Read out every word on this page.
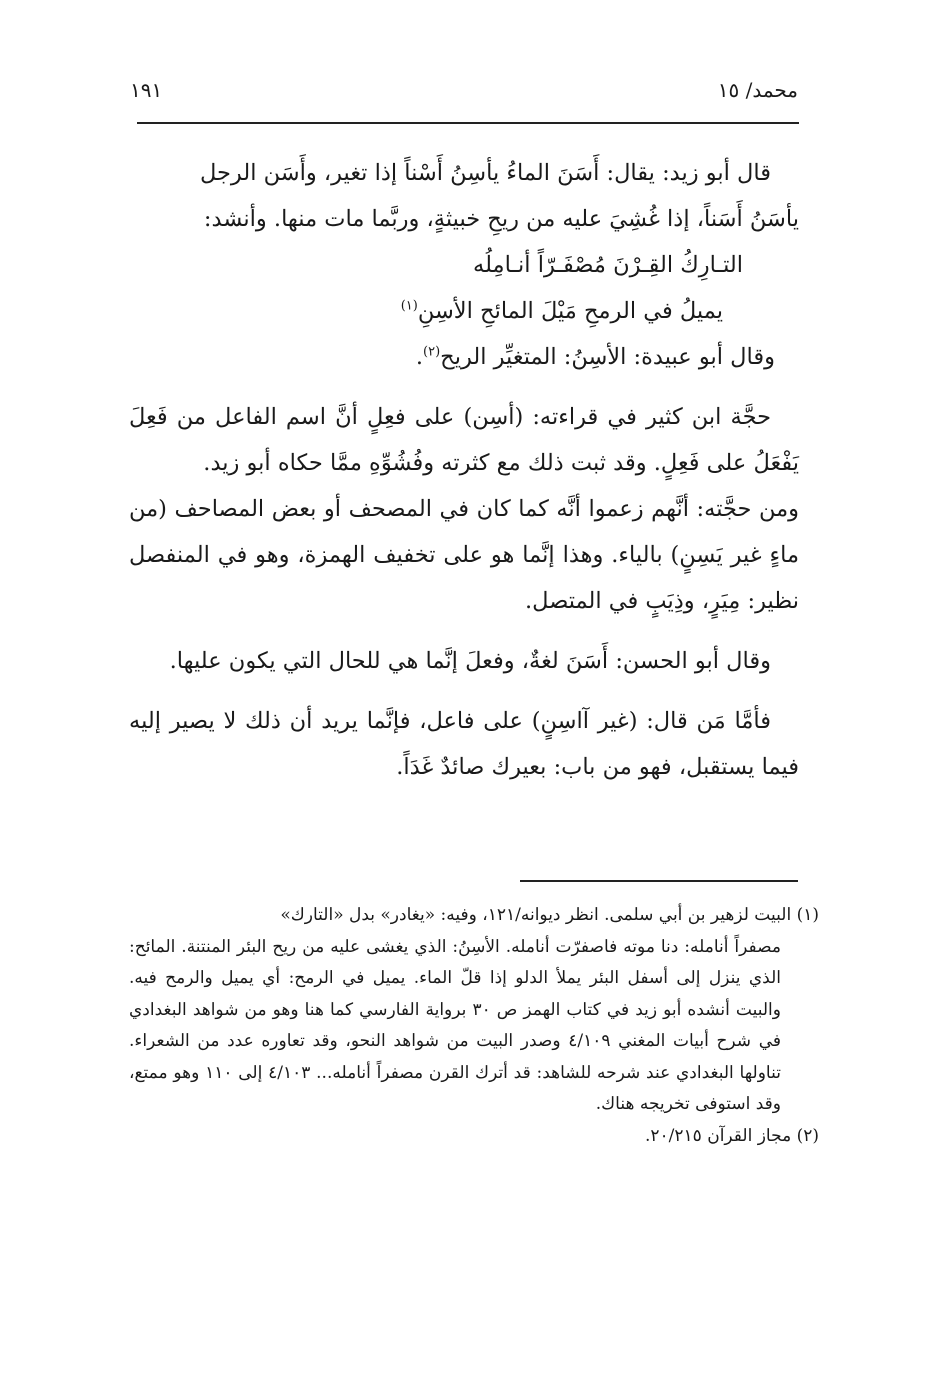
محمد/ ١٥
١٩١

قال أبو زيد: يقال: أَسَنَ الماءُ يأسِنُ أَسْناً إذا تغير، وأَسَن الرجل

يأسَنُ أَسَناً، إذا غُشِيَ عليه من ريحِ خبيثةٍ، وربَّما مات منها. وأنشد:

التـارِكُ القِـرْنَ مُصْفَـرّاً أنـامِلُه

يميلُ في الرمحِ مَيْلَ المائحِ الأسِنِ$^{(١)}$

وقال أبو عبيدة: الأسِنُ: المتغيِّر الريح$^{(٢)}$.

حجَّة ابن كثير في قراءته: (أسِن) على فعِلٍ أنَّ اسم الفاعل من فَعِلَ يَفْعَلُ على فَعِلٍ. وقد ثبت ذلك مع كثرته وفُشُوِّهِ ممَّا حكاه أبو زيد.

ومن حجَّته: أنَّهم زعموا أنَّه كما كان في المصحف أو بعض المصاحف (من ماءٍ غير يَسِنٍ) بالياء. وهذا إنَّما هو على تخفيف الهمزة، وهو في المنفصل نظير: مِيَرٍ، وذِيَبٍ في المتصل.

وقال أبو الحسن: أَسَنَ لغةٌ، وفعلَ إنَّما هي للحال التي يكون عليها.

فأمَّا مَن قال: (غير آاسِنٍ) على فاعل، فإنَّما يريد أن ذلك لا يصير إليه فيما يستقبل، فهو من باب: بعيرك صائدٌ غَدَاً.

(١) البيت لزهير بن أبي سلمى. انظر ديوانه/١٢١، وفيه: «يغادر» بدل «التارك»

مصفراً أنامله: دنا موته فاصفرّت أنامله. الأسِنُ: الذي يغشى عليه من ريح البئر المنتنة. المائح: الذي ينزل إلى أسفل البئر يملأ الدلو إذا قلّ الماء. يميل في الرمح: أي يميل والرمح فيه. والبيت أنشده أبو زيد في كتاب الهمز ص ٣٠ برواية الفارسي كما هنا وهو من شواهد البغدادي في شرح أبيات المغني ٤/١٠٩ وصدر البيت من شواهد النحو، وقد تعاوره عدد من الشعراء. تناولها البغدادي عند شرحه للشاهد: قد أترك القرن مصفراً أنامله... ٤/١٠٣ إلى ١١٠ وهو ممتع، وقد استوفى تخريجه هناك.

(٢) مجاز القرآن ٢٠/٢١٥.
